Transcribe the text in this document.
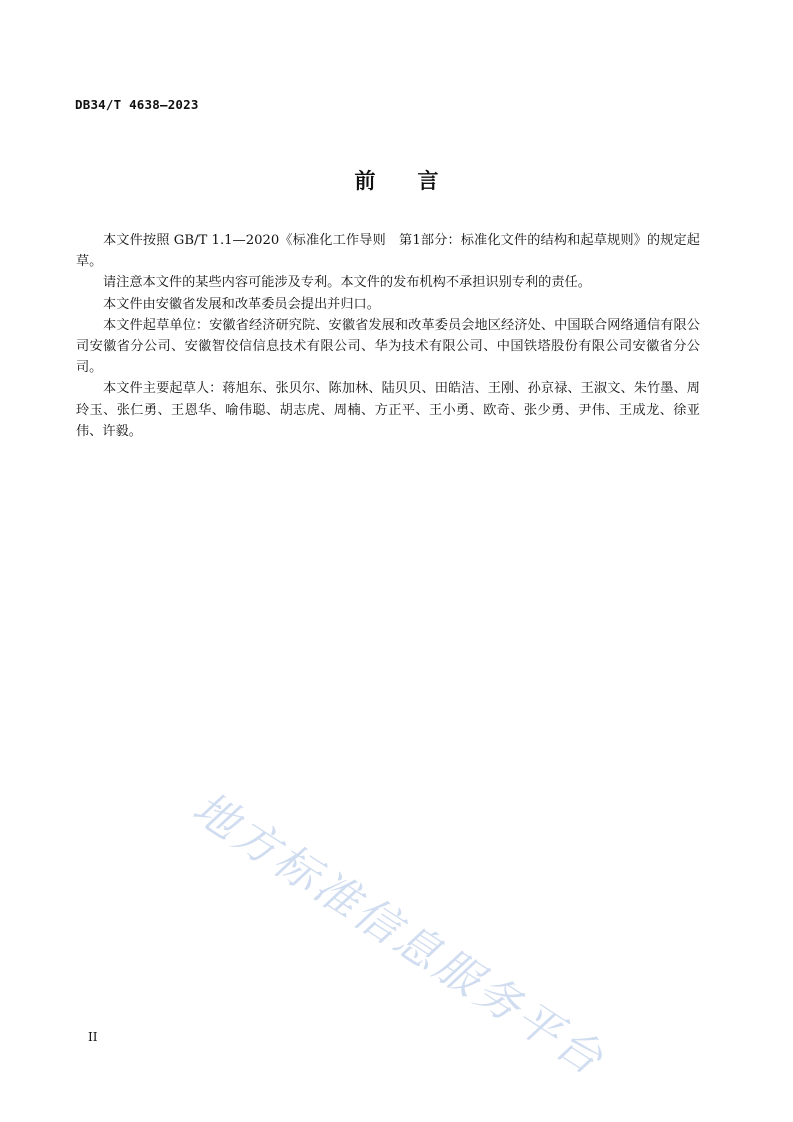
DB34/T 4638—2023
前言

本文件按照 GB/T 1.1—2020《标准化工作导则　第1部分：标准化文件的结构和起草规则》的规定起草。

请注意本文件的某些内容可能涉及专利。本文件的发布机构不承担识别专利的责任。

本文件由安徽省发展和改革委员会提出并归口。

本文件起草单位：安徽省经济研究院、安徽省发展和改革委员会地区经济处、中国联合网络通信有限公司安徽省分公司、安徽智佼信信息技术有限公司、华为技术有限公司、中国铁塔股份有限公司安徽省分公司。

本文件主要起草人：蒋旭东、张贝尔、陈加林、陆贝贝、田皓洁、王刚、孙京禄、王淑文、朱竹墨、周玲玉、张仁勇、王恩华、喻伟聪、胡志虎、周楠、方正平、王小勇、欧奇、张少勇、尹伟、王成龙、徐亚伟、许毅。

地方标准信息服务平台
II
